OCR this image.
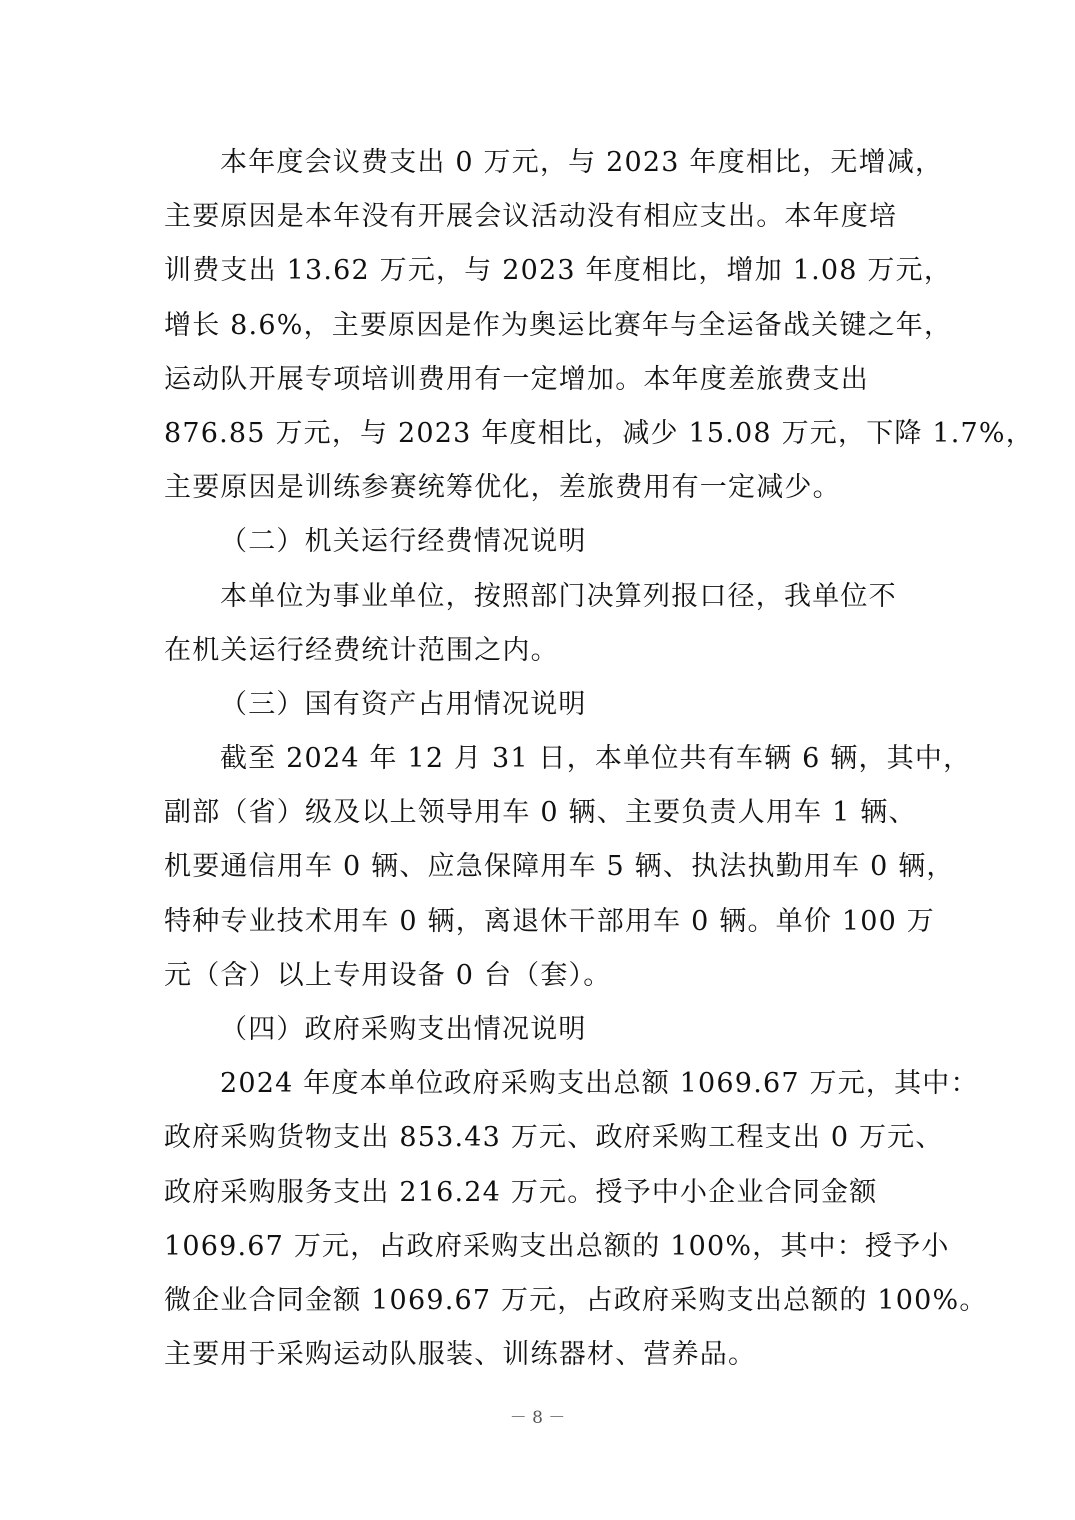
本年度会议费支出 0 万元，与 2023 年度相比，无增减，
主要原因是本年没有开展会议活动没有相应支出。本年度培
训费支出 13.62 万元，与 2023 年度相比，增加 1.08 万元，
增长 8.6%，主要原因是作为奥运比赛年与全运备战关键之年，
运动队开展专项培训费用有一定增加。本年度差旅费支出
876.85 万元，与 2023 年度相比，减少 15.08 万元，下降 1.7%，
主要原因是训练参赛统筹优化，差旅费用有一定减少。
（二）机关运行经费情况说明
本单位为事业单位，按照部门决算列报口径，我单位不
在机关运行经费统计范围之内。
（三）国有资产占用情况说明
截至 2024 年 12 月 31 日，本单位共有车辆 6 辆，其中，
副部（省）级及以上领导用车 0 辆、主要负责人用车 1 辆、
机要通信用车 0 辆、应急保障用车 5 辆、执法执勤用车 0 辆，
特种专业技术用车 0 辆，离退休干部用车 0 辆。单价 100 万
元（含）以上专用设备 0 台（套）。
（四）政府采购支出情况说明
2024 年度本单位政府采购支出总额 1069.67 万元，其中：
政府采购货物支出 853.43 万元、政府采购工程支出 0 万元、
政府采购服务支出 216.24 万元。授予中小企业合同金额
1069.67 万元，占政府采购支出总额的 100%，其中：授予小
微企业合同金额 1069.67 万元，占政府采购支出总额的 100%。
主要用于采购运动队服装、训练器材、营养品。
－ 8 －
